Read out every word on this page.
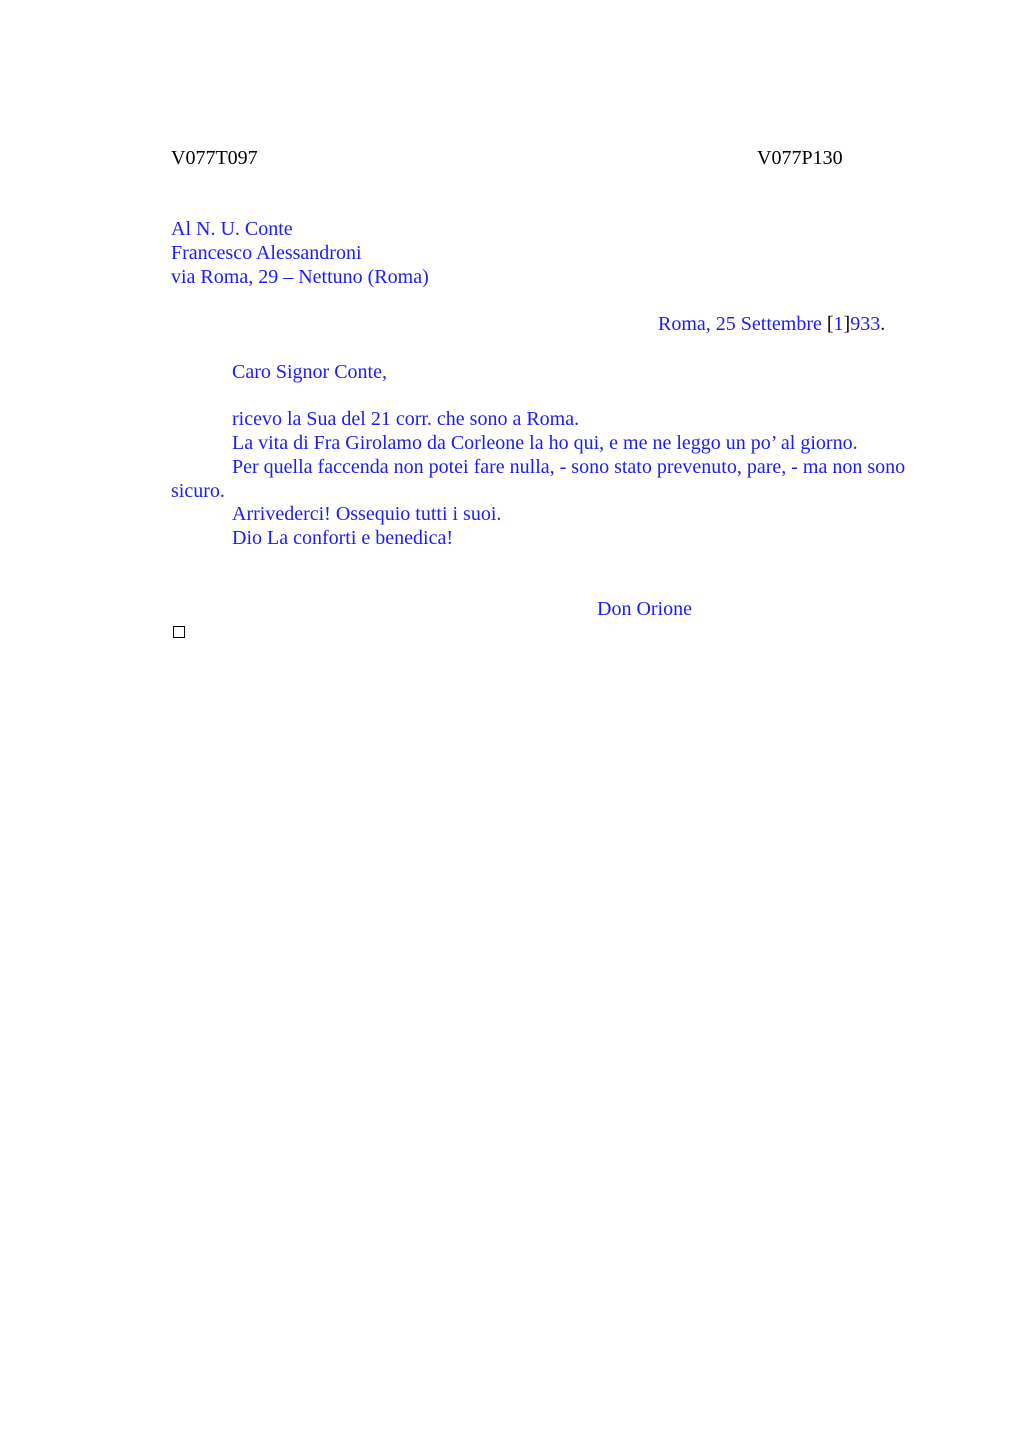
V077T097	V077P130
Al N. U. Conte
Francesco Alessandroni
via Roma, 29 – Nettuno (Roma)
Roma, 25 Settembre [1]933.
Caro Signor Conte,
ricevo la Sua del 21 corr. che sono a Roma.
La vita di Fra Girolamo da Corleone la ho qui, e me ne leggo un po’ al giorno.
Per quella faccenda non potei fare nulla, - sono stato prevenuto, pare, - ma non sono
sicuro.
Arrivederci! Ossequio tutti i suoi.
Dio La conforti e benedica!
Don Orione
